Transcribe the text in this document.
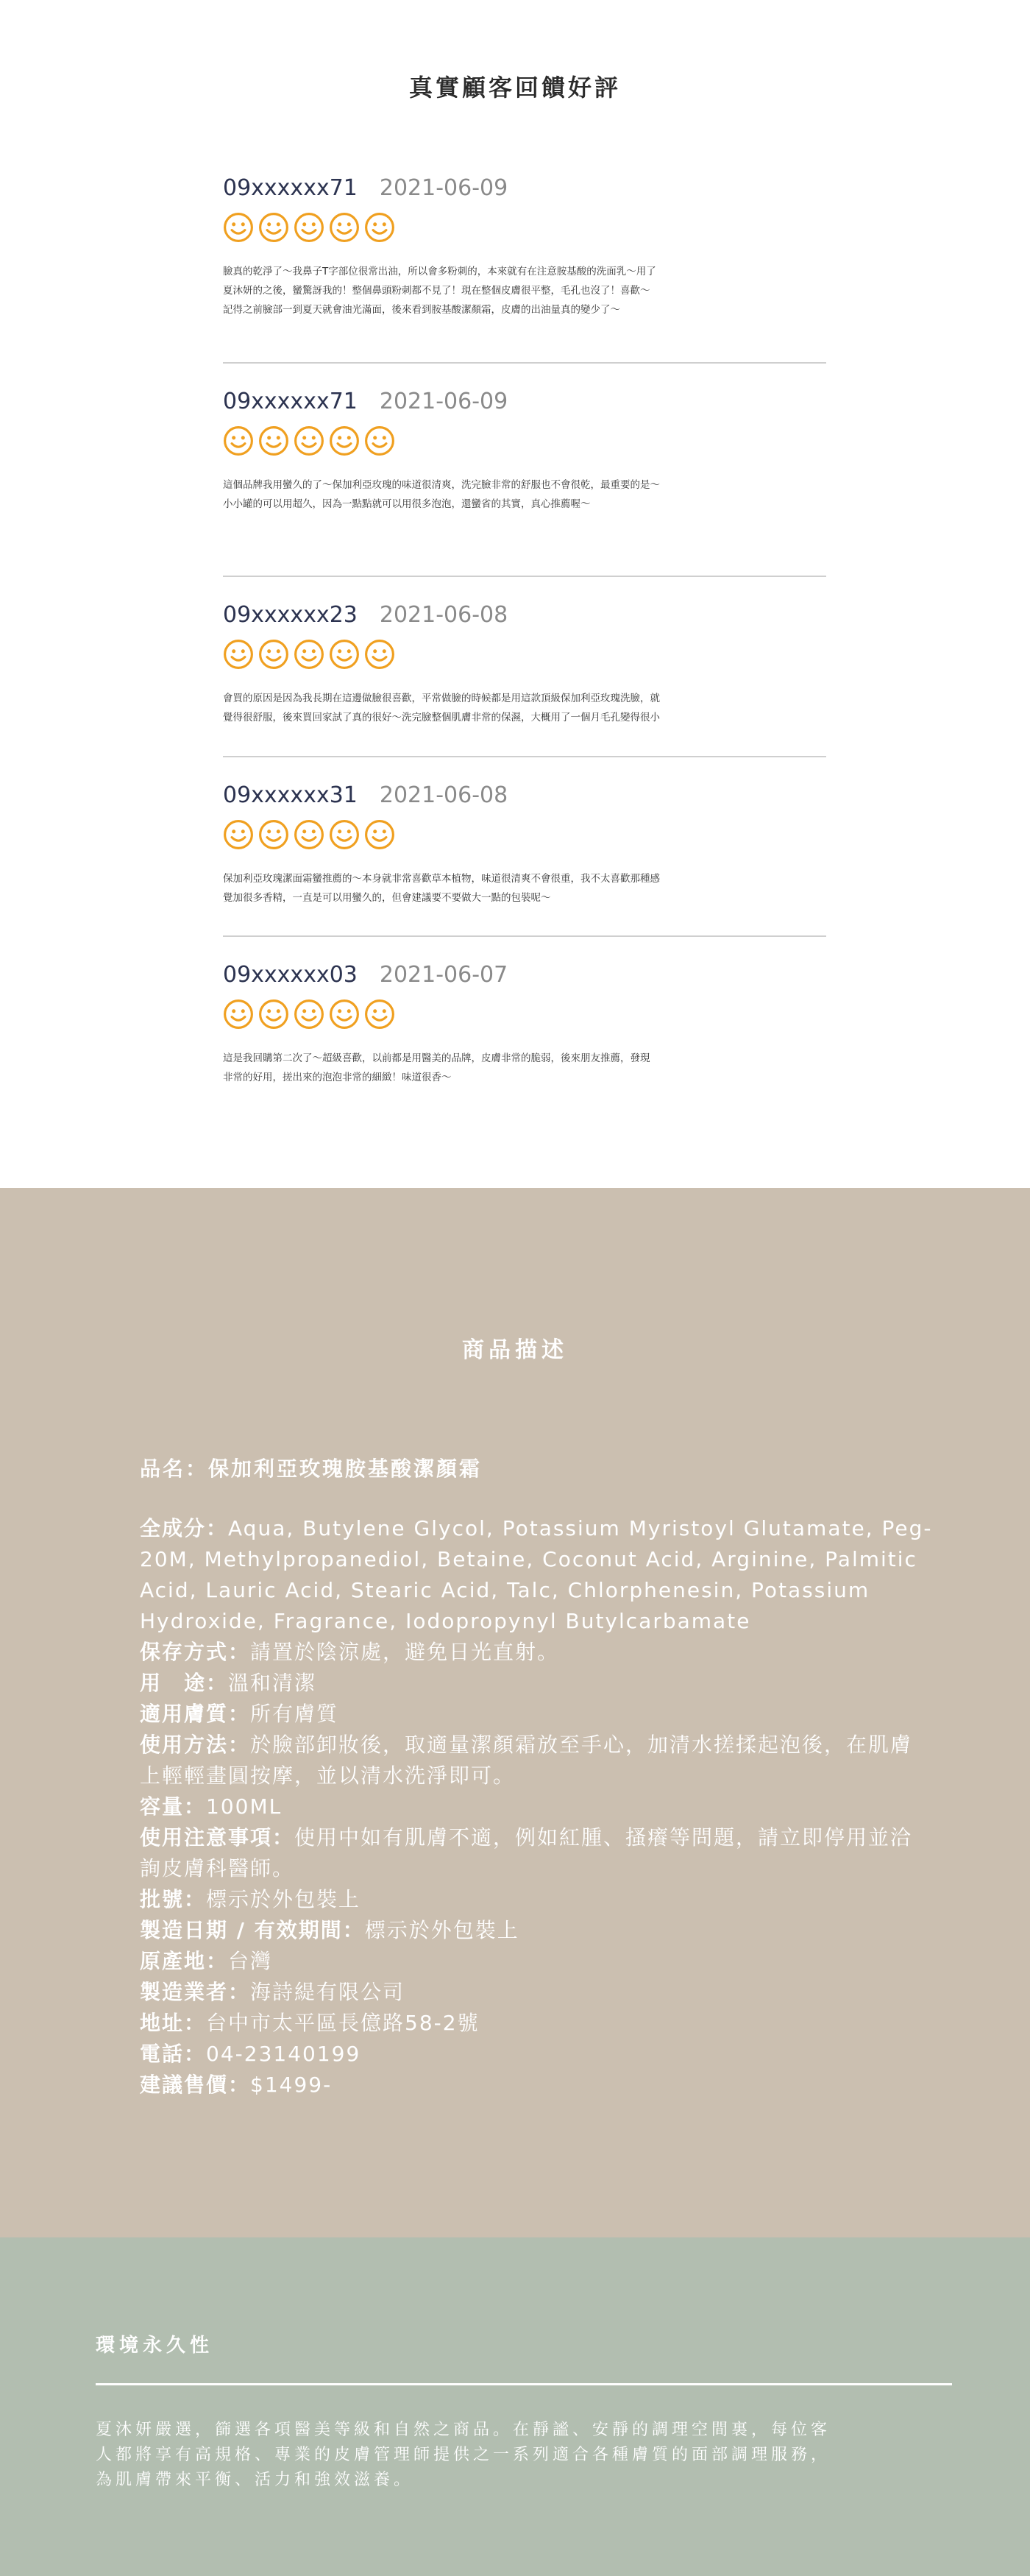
真實顧客回饋好評
09xxxxxx71 2021-06-09

臉真的乾淨了～我鼻子T字部位很常出油，所以會多粉刺的，本來就有在注意胺基酸的洗面乳～用了
夏沐妍的之後，蠻驚訝我的！整個鼻頭粉刺都不見了！現在整個皮膚很平整，毛孔也沒了！喜歡～
記得之前臉部一到夏天就會油光滿面，後來看到胺基酸潔顏霜，皮膚的出油量真的變少了～

09xxxxxx71 2021-06-09

這個品牌我用蠻久的了～保加利亞玫瑰的味道很清爽，洗完臉非常的舒服也不會很乾，最重要的是～
小小罐的可以用超久，因為一點點就可以用很多泡泡，還蠻省的其實，真心推薦喔～

09xxxxxx23 2021-06-08

會買的原因是因為我長期在這邊做臉很喜歡，平常做臉的時候都是用這款頂級保加利亞玫瑰洗臉，就
覺得很舒服，後來買回家試了真的很好～洗完臉整個肌膚非常的保濕，大概用了一個月毛孔變得很小

09xxxxxx31 2021-06-08

保加利亞玫瑰潔面霜蠻推薦的～本身就非常喜歡草本植物，味道很清爽不會很重，我不太喜歡那種感
覺加很多香精，一直是可以用蠻久的，但會建議要不要做大一點的包裝呢～

09xxxxxx03 2021-06-07

這是我回購第二次了～超級喜歡，以前都是用醫美的品牌，皮膚非常的脆弱，後來朋友推薦，發現
非常的好用，搓出來的泡泡非常的細緻！味道很香～

商品描述

品名：保加利亞玫瑰胺基酸潔顏霜

全成分：Aqua, Butylene Glycol, Potassium Myristoyl Glutamate, Peg-20M, Methylpropanediol, Betaine, Coconut Acid, Arginine, Palmitic Acid, Lauric Acid, Stearic Acid, Talc, Chlorphenesin, Potassium Hydroxide, Fragrance, Iodopropynyl Butylcarbamate
保存方式：請置於陰涼處，避免日光直射。
用　途：溫和清潔
適用膚質：所有膚質
使用方法：於臉部卸妝後，取適量潔顏霜放至手心，加清水搓揉起泡後，在肌膚上輕輕畫圓按摩，並以清水洗淨即可。
容量：100ML
使用注意事項：使用中如有肌膚不適，例如紅腫、搔癢等問題，請立即停用並洽詢皮膚科醫師。
批號：標示於外包裝上
製造日期 / 有效期間：標示於外包裝上
原產地：台灣
製造業者：海詩緹有限公司
地址：台中市太平區長億路58-2號
電話：04-23140199
建議售價：$1499-
環境永久性

夏沐妍嚴選，篩選各項醫美等級和自然之商品。在靜謐、安靜的調理空間裏，每位客
人都將享有高規格、專業的皮膚管理師提供之一系列適合各種膚質的面部調理服務，
為肌膚帶來平衡、活力和強效滋養。
